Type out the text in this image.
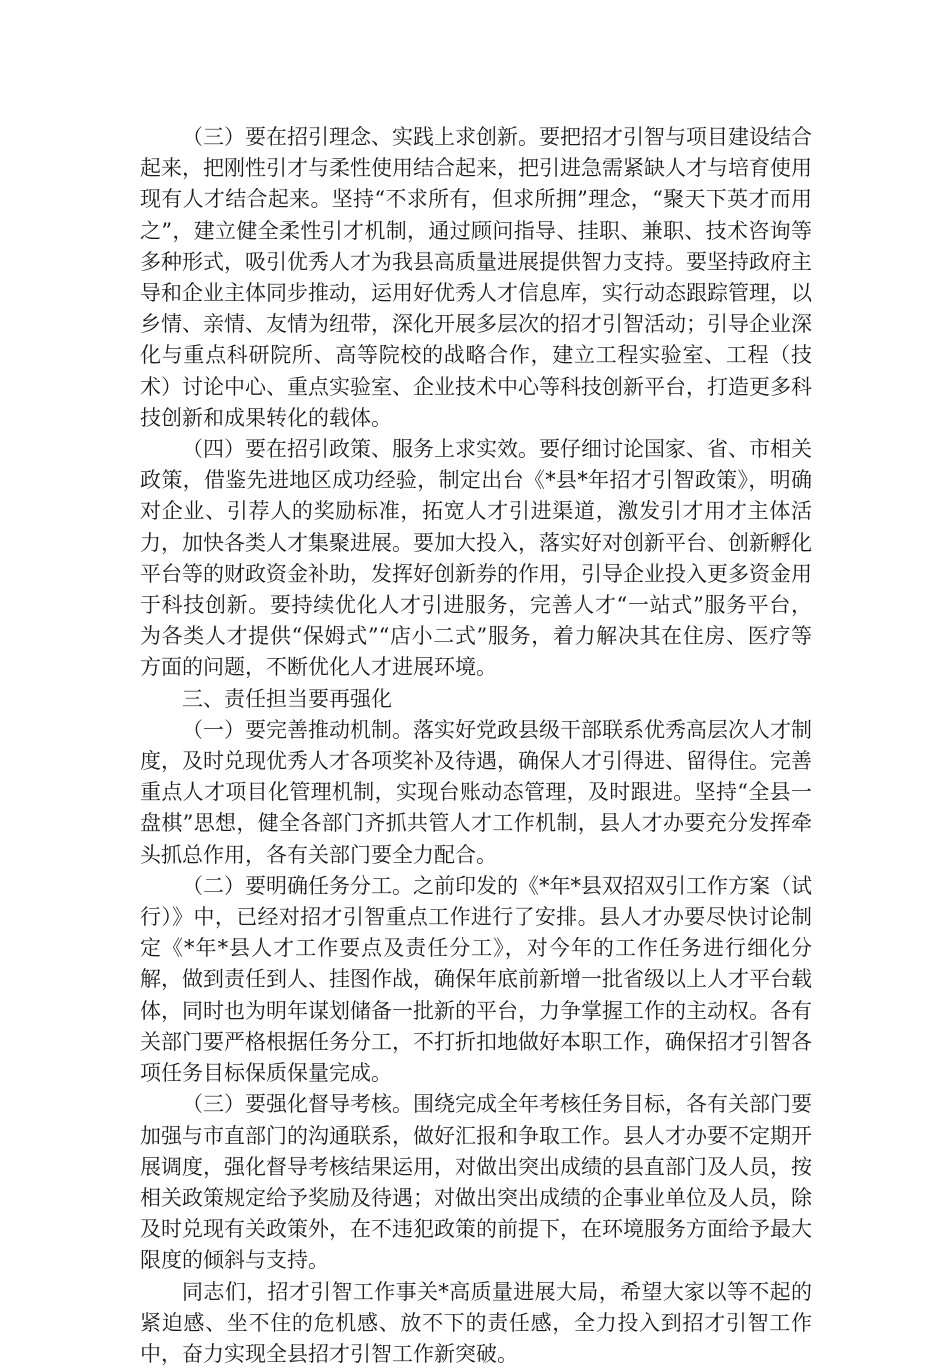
（三）要在招引理念、实践上求创新。要把招才引智与项目建设结合起来，把刚性引才与柔性使用结合起来，把引进急需紧缺人才与培育使用现有人才结合起来。坚持“不求所有，但求所拥”理念，“聚天下英才而用之”，建立健全柔性引才机制，通过顾问指导、挂职、兼职、技术咨询等多种形式，吸引优秀人才为我县高质量进展提供智力支持。要坚持政府主导和企业主体同步推动，运用好优秀人才信息库，实行动态跟踪管理，以乡情、亲情、友情为纽带，深化开展多层次的招才引智活动；引导企业深化与重点科研院所、高等院校的战略合作，建立工程实验室、工程（技术）讨论中心、重点实验室、企业技术中心等科技创新平台，打造更多科技创新和成果转化的载体。

（四）要在招引政策、服务上求实效。要仔细讨论国家、省、市相关政策，借鉴先进地区成功经验，制定出台《*县*年招才引智政策》，明确对企业、引荐人的奖励标准，拓宽人才引进渠道，激发引才用才主体活力，加快各类人才集聚进展。要加大投入，落实好对创新平台、创新孵化平台等的财政资金补助，发挥好创新券的作用，引导企业投入更多资金用于科技创新。要持续优化人才引进服务，完善人才“一站式”服务平台，为各类人才提供“保姆式”“店小二式”服务，着力解决其在住房、医疗等方面的问题，不断优化人才进展环境。

三、责任担当要再强化

（一）要完善推动机制。落实好党政县级干部联系优秀高层次人才制度，及时兑现优秀人才各项奖补及待遇，确保人才引得进、留得住。完善重点人才项目化管理机制，实现台账动态管理，及时跟进。坚持“全县一盘棋”思想，健全各部门齐抓共管人才工作机制，县人才办要充分发挥牵头抓总作用，各有关部门要全力配合。

（二）要明确任务分工。之前印发的《*年*县双招双引工作方案（试行）》中，已经对招才引智重点工作进行了安排。县人才办要尽快讨论制定《*年*县人才工作要点及责任分工》，对今年的工作任务进行细化分解，做到责任到人、挂图作战，确保年底前新增一批省级以上人才平台载体，同时也为明年谋划储备一批新的平台，力争掌握工作的主动权。各有关部门要严格根据任务分工，不打折扣地做好本职工作，确保招才引智各项任务目标保质保量完成。

（三）要强化督导考核。围绕完成全年考核任务目标，各有关部门要加强与市直部门的沟通联系，做好汇报和争取工作。县人才办要不定期开展调度，强化督导考核结果运用，对做出突出成绩的县直部门及人员，按相关政策规定给予奖励及待遇；对做出突出成绩的企事业单位及人员，除及时兑现有关政策外，在不违犯政策的前提下，在环境服务方面给予最大限度的倾斜与支持。

同志们，招才引智工作事关*高质量进展大局，希望大家以等不起的紧迫感、坐不住的危机感、放不下的责任感，全力投入到招才引智工作中，奋力实现全县招才引智工作新突破。
